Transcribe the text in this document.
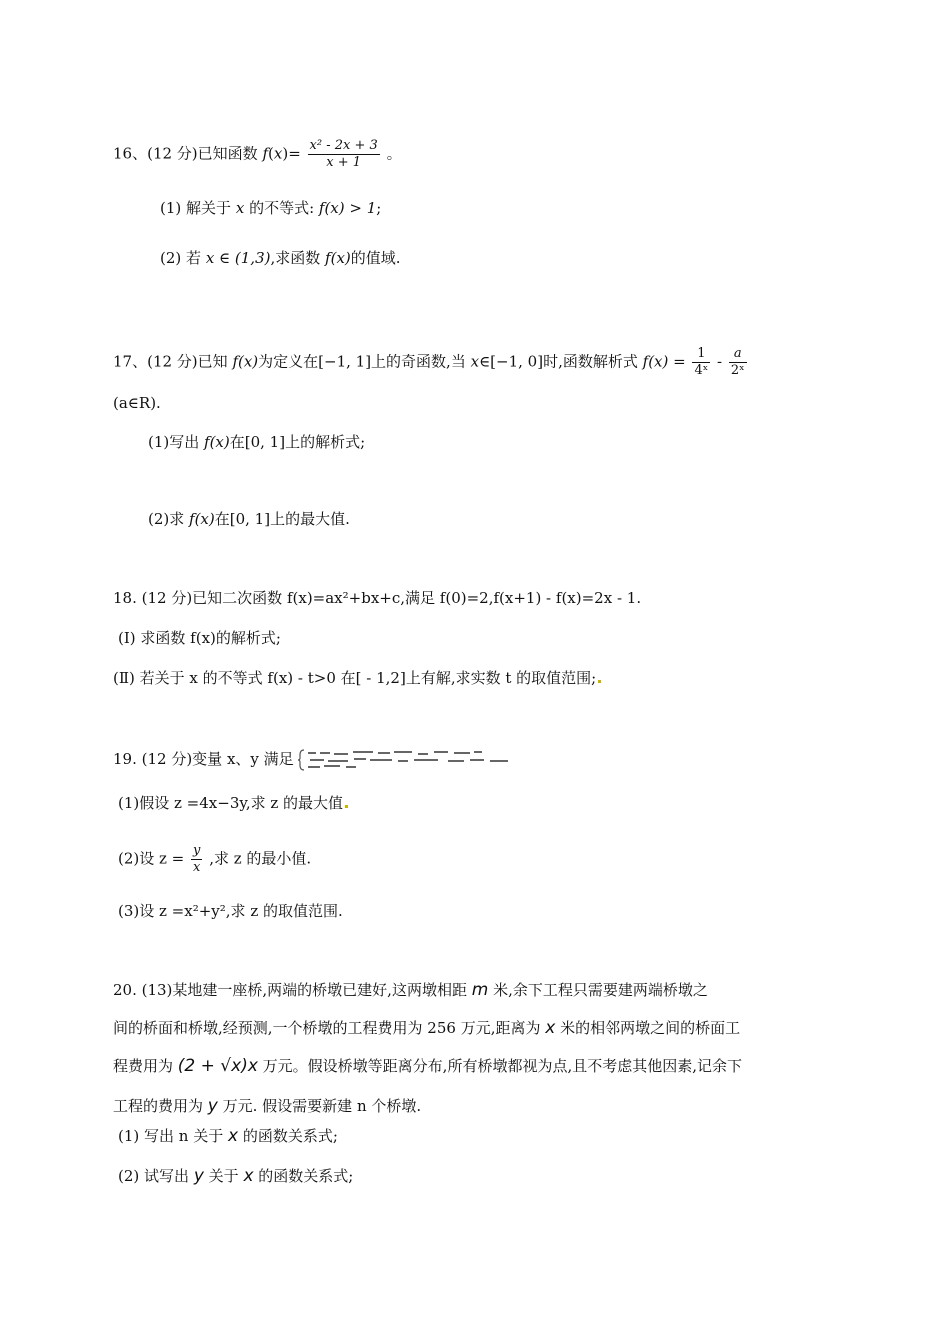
16、(12 分)已知函数 $f(x)= \frac{\text{x² - 2x + 3}}{x + 1}$ 。
(1) 解关于 x 的不等式: f(x) > 1;
(2) 若 x ∈ (1,3),求函数 f(x)的值域.
17、(12 分)已知 f(x)为定义在[−1, 1]上的奇函数,当 x∈[−1, 0]时,函数解析式 $f(x) = \frac{1}{\text{4ˣ}} - \frac{a}{\text{2ˣ}}$
(a∈R).
(1)写出 f(x)在[0, 1]上的解析式;
(2)求 f(x)在[0, 1]上的最大值.
18. (12 分)已知二次函数 f(x)=ax²+bx+c,满足 f(0)=2,f(x+1) - f(x)=2x - 1.
(Ⅰ) 求函数 f(x)的解析式;
(Ⅱ) 若关于 x 的不等式 f(x) - t>0 在[ - 1,2]上有解,求实数 t 的取值范围;
19. (12 分)变量 x、y 满足
(1)假设 z =4x−3y,求 z 的最大值
(2)设 $z = \frac{y}{x}$ ,求 z 的最小值.
(3)设 z =x²+y²,求 z 的取值范围.
20. (13)某地建一座桥,两端的桥墩已建好,这两墩相距 m 米,余下工程只需要建两端桥墩之
间的桥面和桥墩,经预测,一个桥墩的工程费用为 256 万元,距离为 x 米的相邻两墩之间的桥面工
程费用为 (2 + √x)x 万元。假设桥墩等距离分布,所有桥墩都视为点,且不考虑其他因素,记余下
工程的费用为 y 万元. 假设需要新建 n 个桥墩.
(1) 写出 n 关于 x 的函数关系式;
(2) 试写出 y 关于 x 的函数关系式;
